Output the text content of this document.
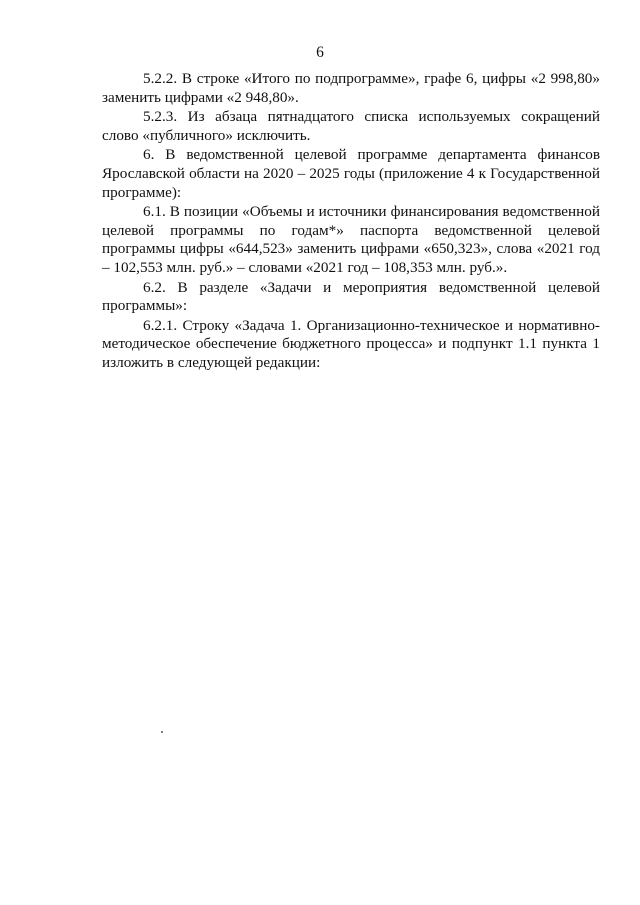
6

5.2.2. В строке «Итого по подпрограмме», графе 6, цифры «2 998,80» заменить цифрами «2 948,80».

5.2.3. Из абзаца пятнадцатого списка используемых сокращений слово «публичного» исключить.

6. В ведомственной целевой программе департамента финансов Ярославской области на 2020 – 2025 годы (приложение 4 к Государственной программе):

6.1. В позиции «Объемы и источники финансирования ведомственной целевой программы по годам*» паспорта ведомственной целевой программы цифры «644,523» заменить цифрами «650,323», слова «2021 год – 102,553 млн. руб.» – словами «2021 год – 108,353 млн. руб.».

6.2. В разделе «Задачи и мероприятия ведомственной целевой программы»:

6.2.1. Строку «Задача 1. Организационно-техническое и нормативно-методическое обеспечение бюджетного процесса» и подпункт 1.1 пункта 1 изложить в следующей редакции:
